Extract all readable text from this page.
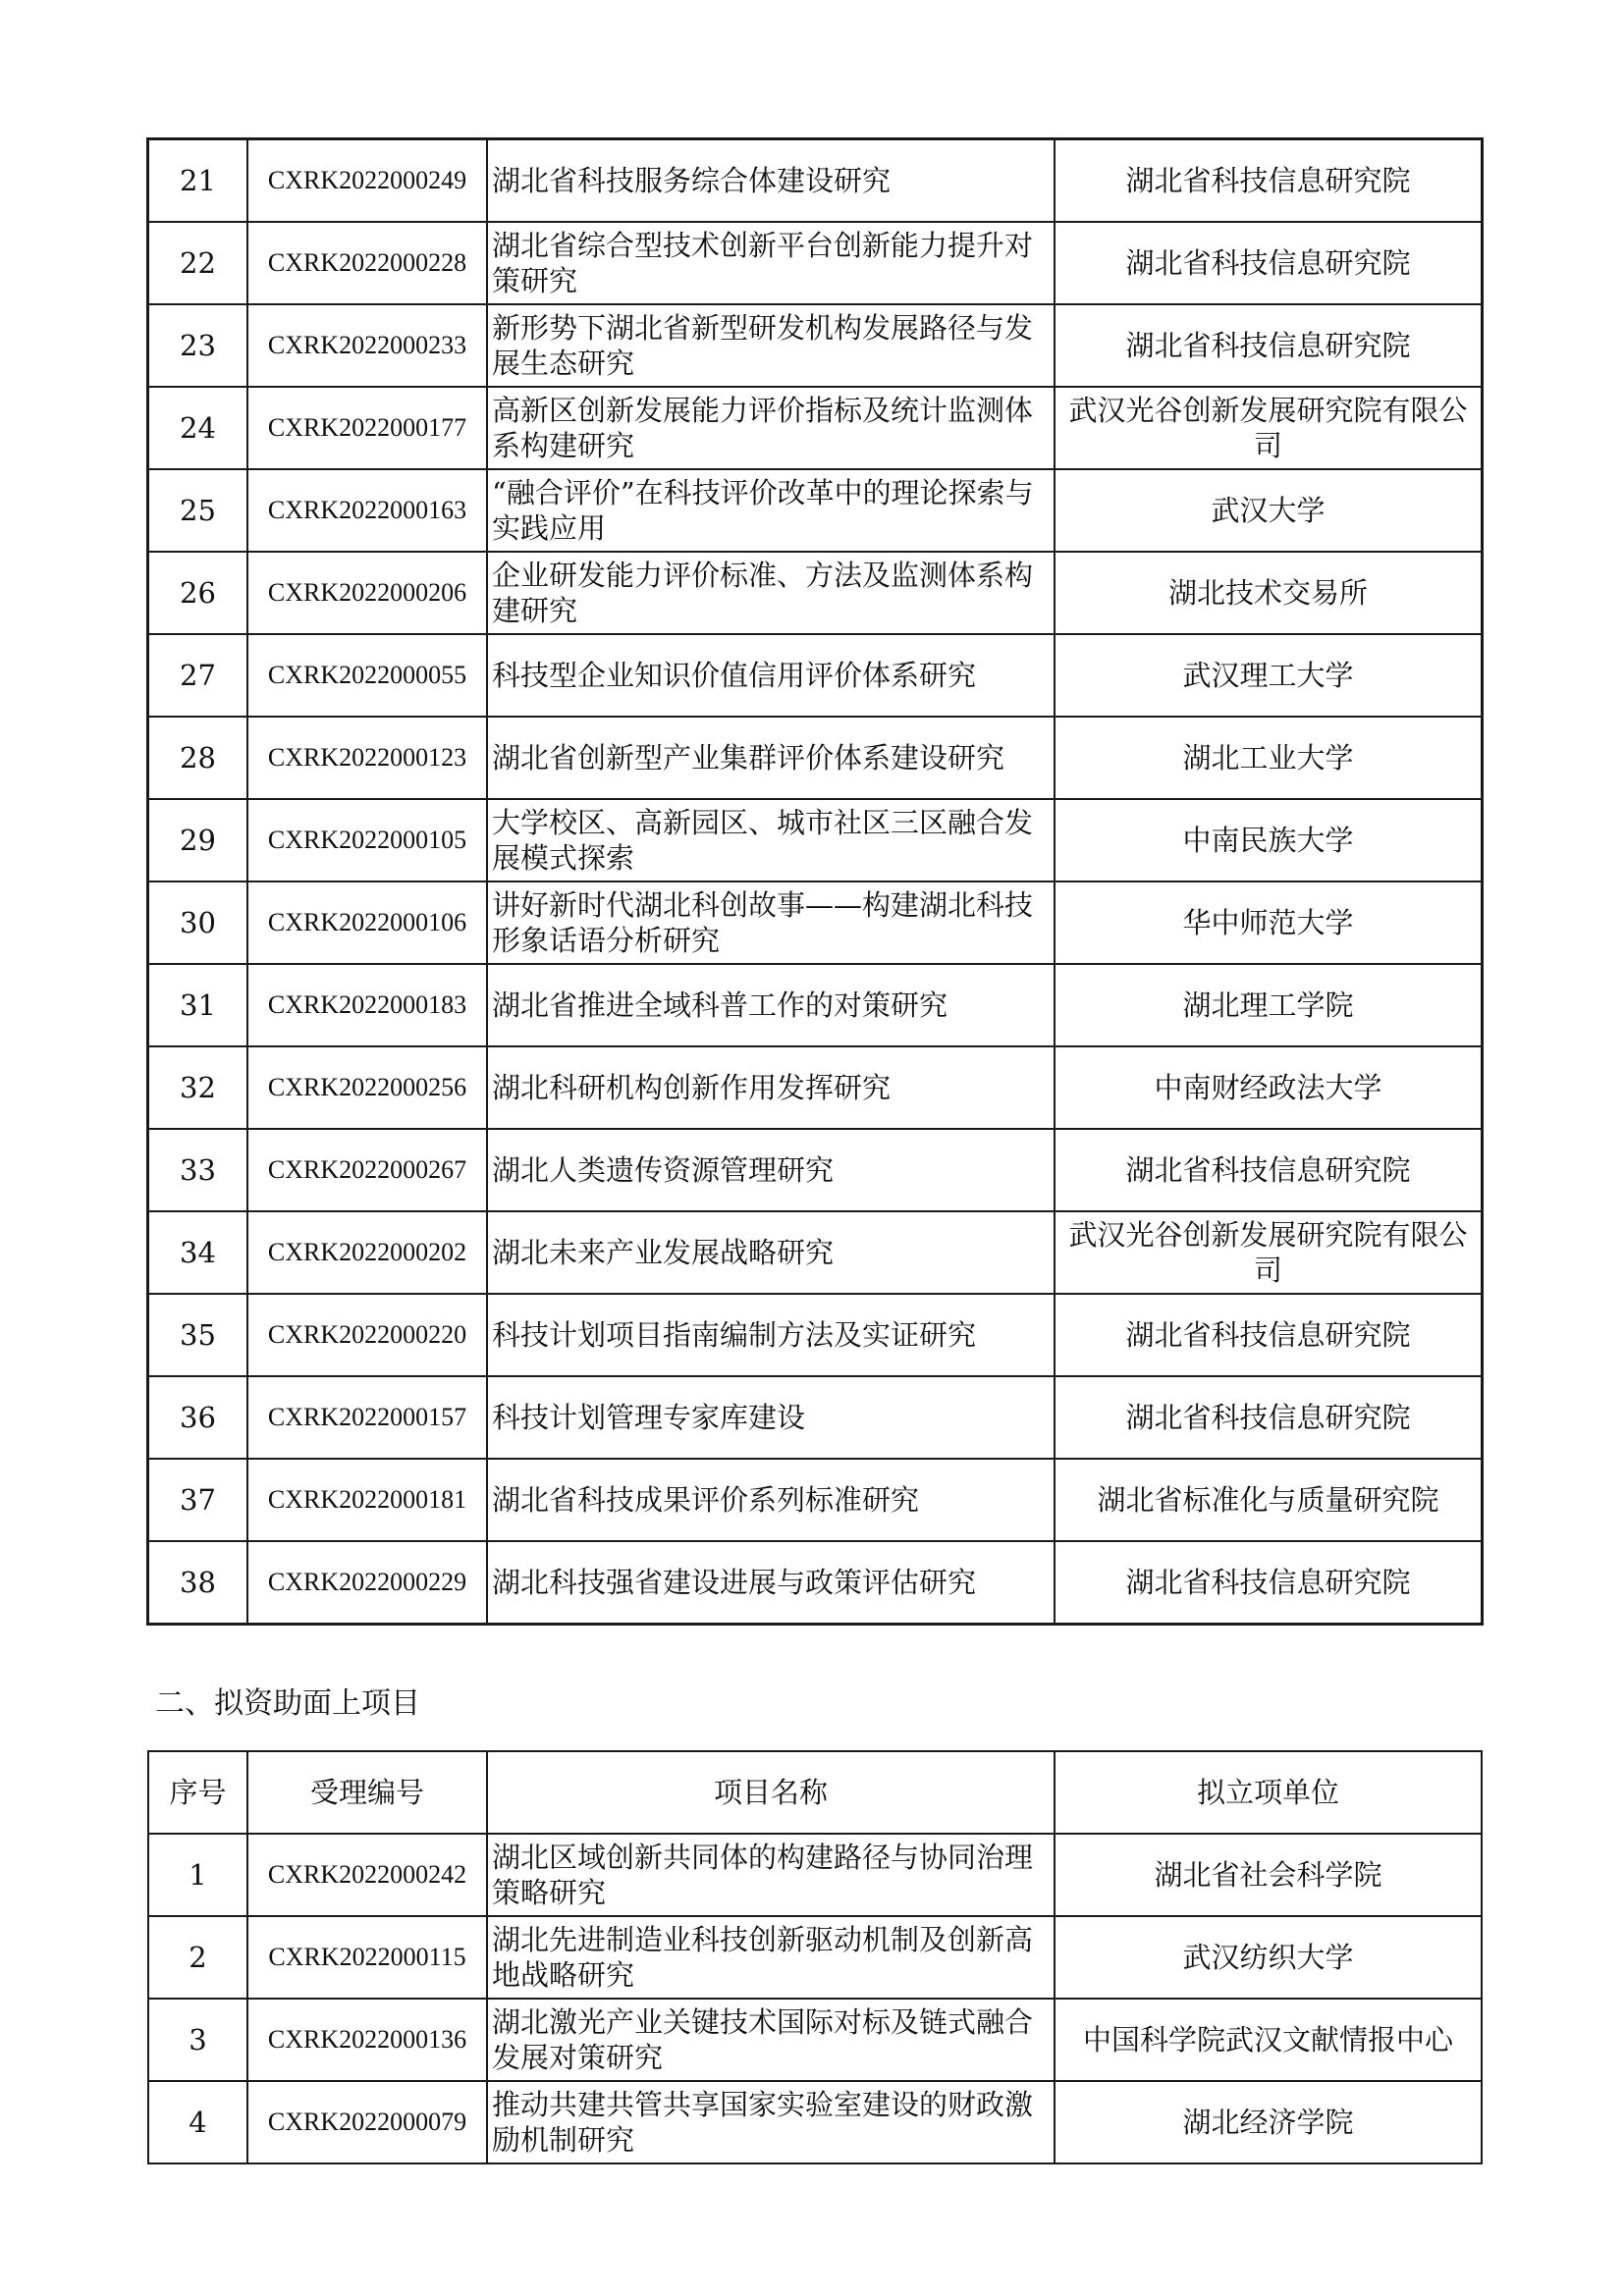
21	CXRK2022000249	湖北省科技服务综合体建设研究	湖北省科技信息研究院
22	CXRK2022000228	湖北省综合型技术创新平台创新能力提升对策研究	湖北省科技信息研究院
23	CXRK2022000233	新形势下湖北省新型研发机构发展路径与发展生态研究	湖北省科技信息研究院
24	CXRK2022000177	高新区创新发展能力评价指标及统计监测体系构建研究	武汉光谷创新发展研究院有限公司
25	CXRK2022000163	“融合评价”在科技评价改革中的理论探索与实践应用	武汉大学
26	CXRK2022000206	企业研发能力评价标准、方法及监测体系构建研究	湖北技术交易所
27	CXRK2022000055	科技型企业知识价值信用评价体系研究	武汉理工大学
28	CXRK2022000123	湖北省创新型产业集群评价体系建设研究	湖北工业大学
29	CXRK2022000105	大学校区、高新园区、城市社区三区融合发展模式探索	中南民族大学
30	CXRK2022000106	讲好新时代湖北科创故事——构建湖北科技形象话语分析研究	华中师范大学
31	CXRK2022000183	湖北省推进全域科普工作的对策研究	湖北理工学院
32	CXRK2022000256	湖北科研机构创新作用发挥研究	中南财经政法大学
33	CXRK2022000267	湖北人类遗传资源管理研究	湖北省科技信息研究院
34	CXRK2022000202	湖北未来产业发展战略研究	武汉光谷创新发展研究院有限公司
35	CXRK2022000220	科技计划项目指南编制方法及实证研究	湖北省科技信息研究院
36	CXRK2022000157	科技计划管理专家库建设	湖北省科技信息研究院
37	CXRK2022000181	湖北省科技成果评价系列标准研究	湖北省标准化与质量研究院
38	CXRK2022000229	湖北科技强省建设进展与政策评估研究	湖北省科技信息研究院
二、拟资助面上项目
序号	受理编号	项目名称	拟立项单位
1	CXRK2022000242	湖北区域创新共同体的构建路径与协同治理策略研究	湖北省社会科学院
2	CXRK2022000115	湖北先进制造业科技创新驱动机制及创新高地战略研究	武汉纺织大学
3	CXRK2022000136	湖北激光产业关键技术国际对标及链式融合发展对策研究	中国科学院武汉文献情报中心
4	CXRK2022000079	推动共建共管共享国家实验室建设的财政激励机制研究	湖北经济学院
